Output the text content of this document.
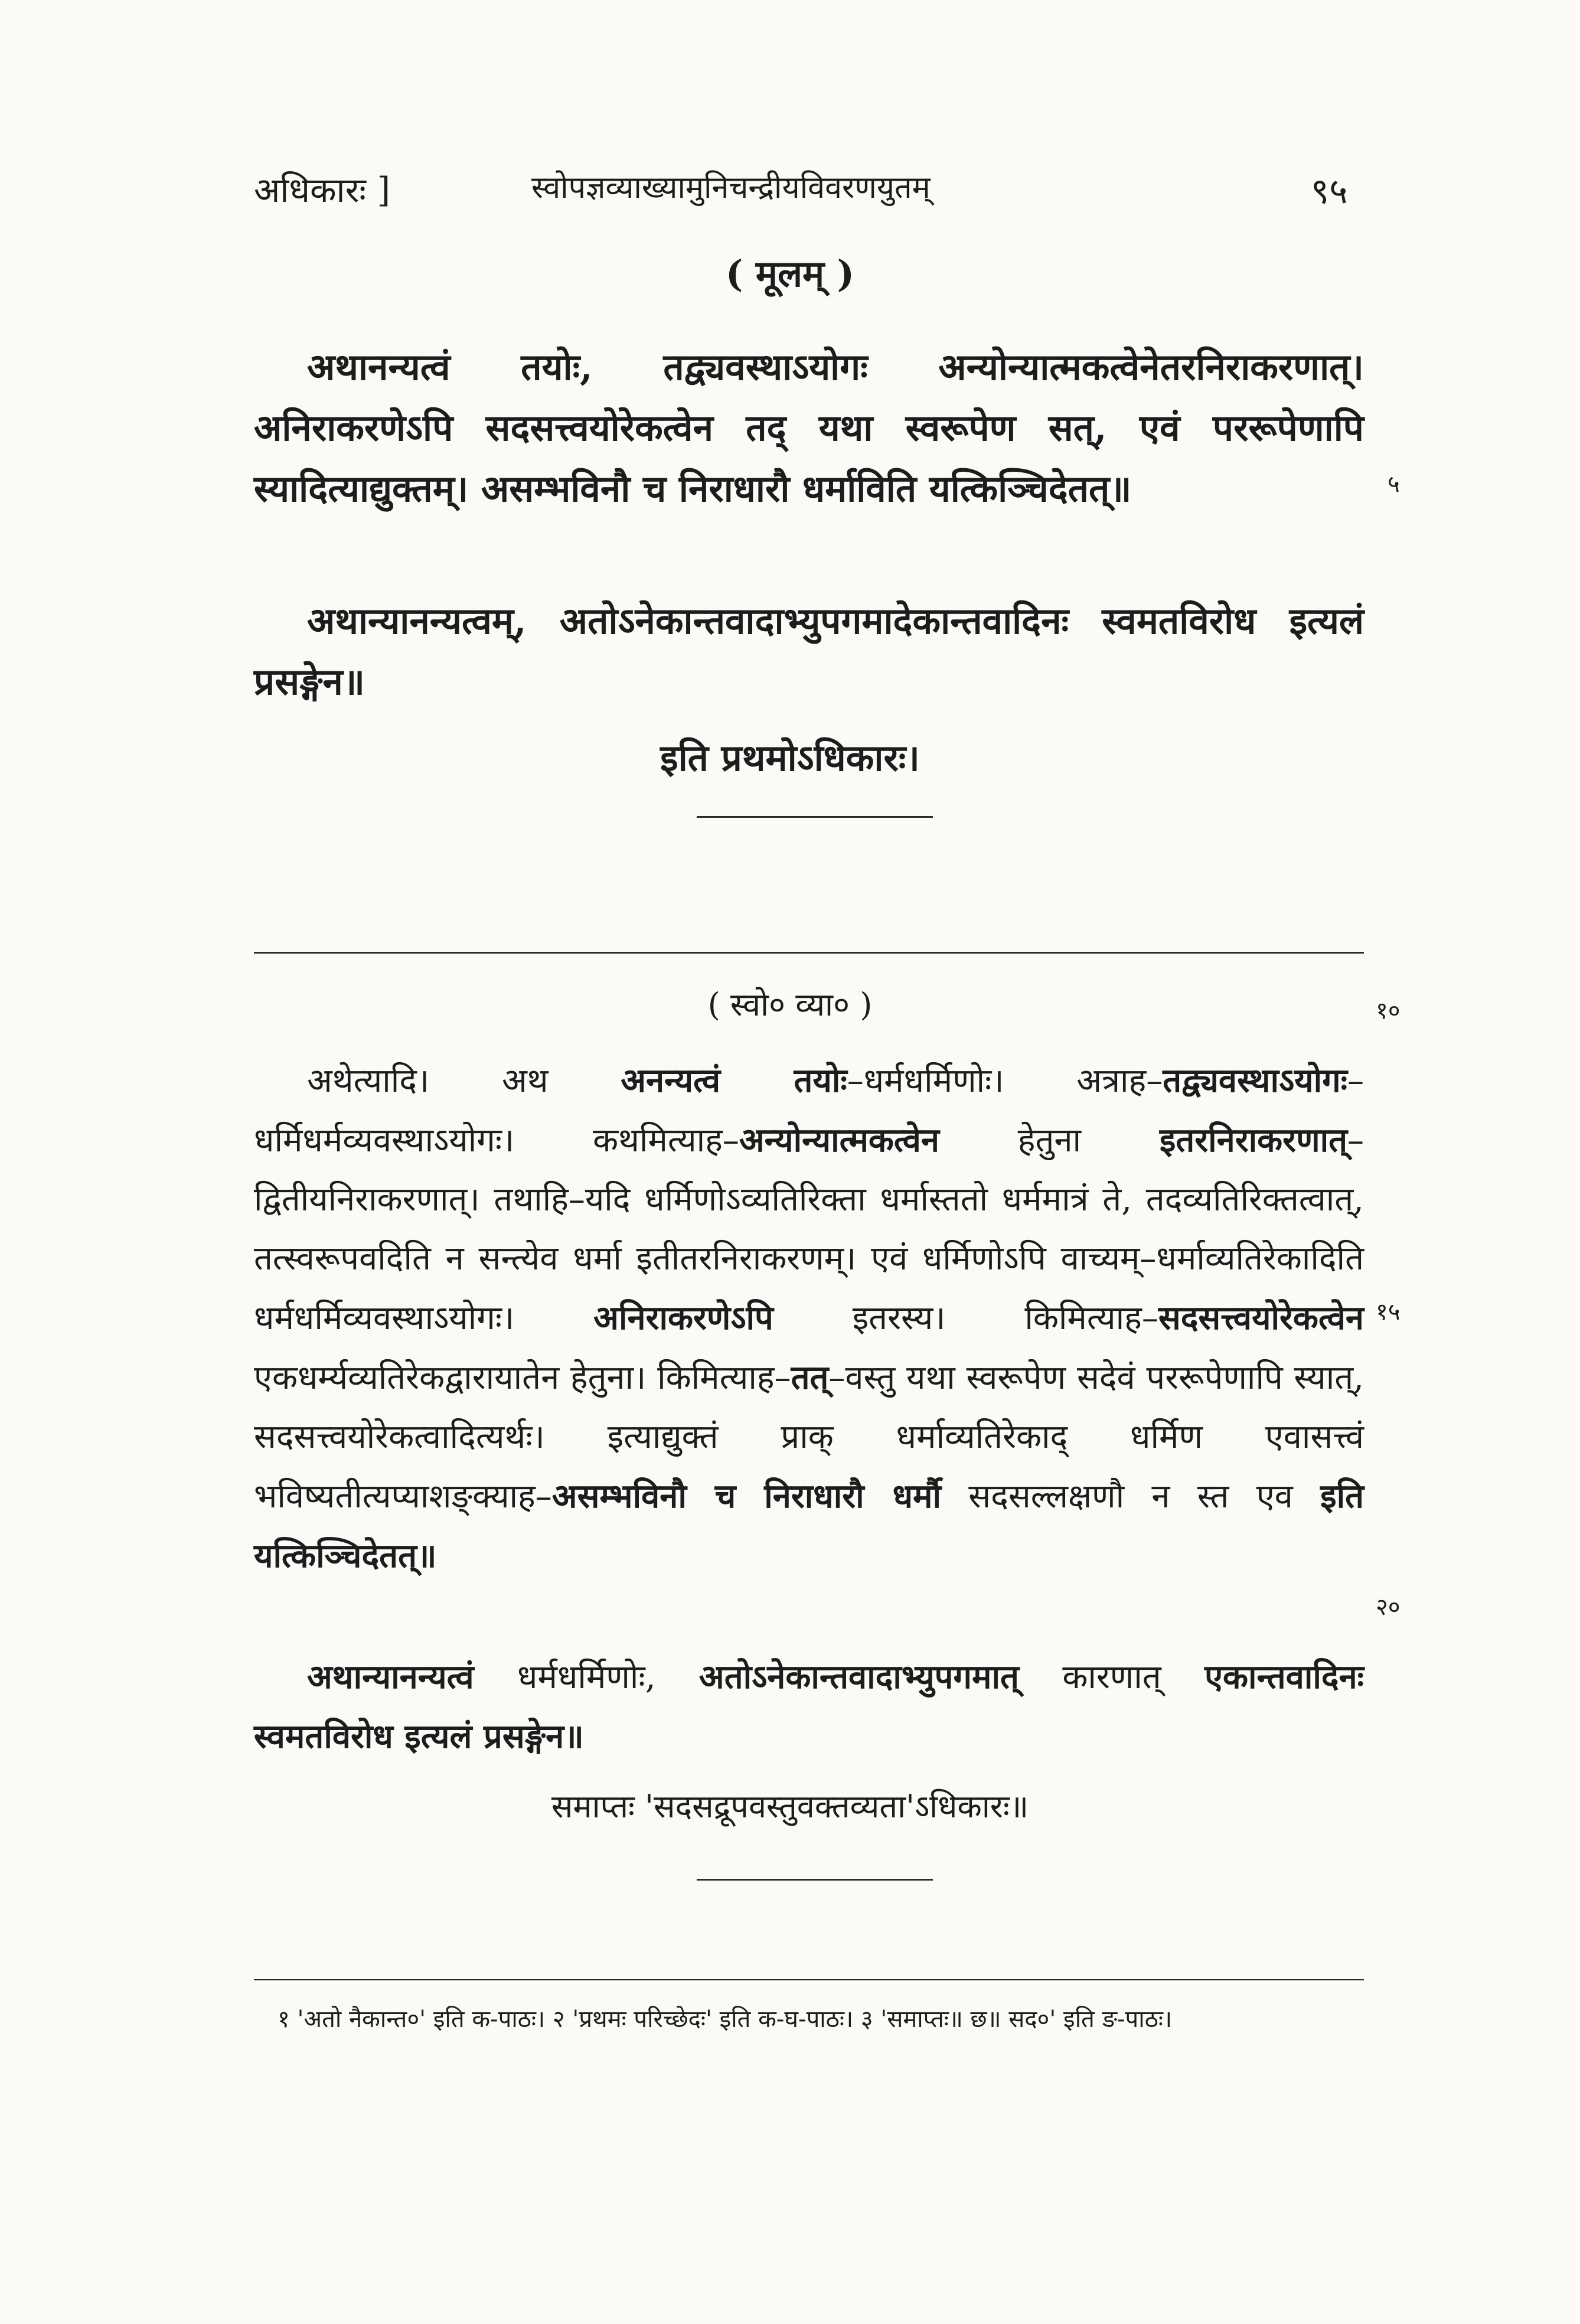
अधिकारः ]	स्वोपज्ञव्याख्यामुनिचन्द्रीयविवरणयुतम्	९५
( मूलम् )
अथानन्यत्वं तयोः, तद्व्यवस्थाऽयोगः अन्योन्यात्मकत्वेनेतरनिराकरणात्। अनिराकरणेऽपि सदसत्त्वयोरेकत्वेन तद् यथा स्वरूपेण सत्, एवं पररूपेणापि स्यादित्याद्युक्तम्। असम्भविनौ च निराधारौ धर्माविति यत्किञ्चिदेतत्॥	५
अथान्यानन्यत्वम्, अतोऽनेकान्तवादाभ्युपगमादेकान्तवादिनः स्वमतविरोध इत्यलं प्रसङ्गेन॥
इति प्रथमोऽधिकारः।
( स्वो० व्या० )	१०
अथेत्यादि। अथ अनन्यत्वं तयोः–धर्मधर्मिणोः। अत्राह–तद्व्यवस्थाऽयोगः–धर्मिधर्मव्यवस्थाऽयोगः। कथमित्याह–अन्योन्यात्मकत्वेन हेतुना इतरनिराकरणात्–द्वितीयनिराकरणात्। तथाहि–यदि धर्मिणोऽव्यतिरिक्ता धर्मास्ततो धर्ममात्रं ते, तदव्यतिरिक्तत्वात्, तत्स्वरूपवदिति न सन्त्येव धर्मा इतीतरनिराकरणम्। एवं धर्मिणोऽपि वाच्यम्–धर्माव्यतिरेकादिति धर्मधर्मिव्यवस्थाऽयोगः। अनिराकरणेऽपि इतरस्य। किमित्याह–सदसत्त्वयोरेकत्वेन एकधर्म्यव्यतिरेकद्वारायातेन हेतुना। किमित्याह–तत्–वस्तु यथा स्वरूपेण सदेवं पररूपेणापि स्यात्, सदसत्त्वयोरेकत्वादित्यर्थः। इत्याद्युक्तं प्राक् धर्माव्यतिरेकाद् धर्मिण एवासत्त्वं भविष्यतीत्यप्याशङ्क्याह–असम्भविनौ च निराधारौ धर्मौ सदसल्लक्षणौ न स्त एव इति यत्किञ्चिदेतत्॥
१५
२०
अथान्यानन्यत्वं धर्मधर्मिणोः, अतोऽनेकान्तवादाभ्युपगमात् कारणात् एकान्तवादिनः स्वमतविरोध इत्यलं प्रसङ्गेन॥
समाप्तः 'सदसद्रूपवस्तुवक्तव्यता'ऽधिकारः॥
१ 'अतो नैकान्त०' इति क-पाठः। २ 'प्रथमः परिच्छेदः' इति क-घ-पाठः। ३ 'समाप्तः॥ छ॥ सद०' इति ङ-पाठः।
